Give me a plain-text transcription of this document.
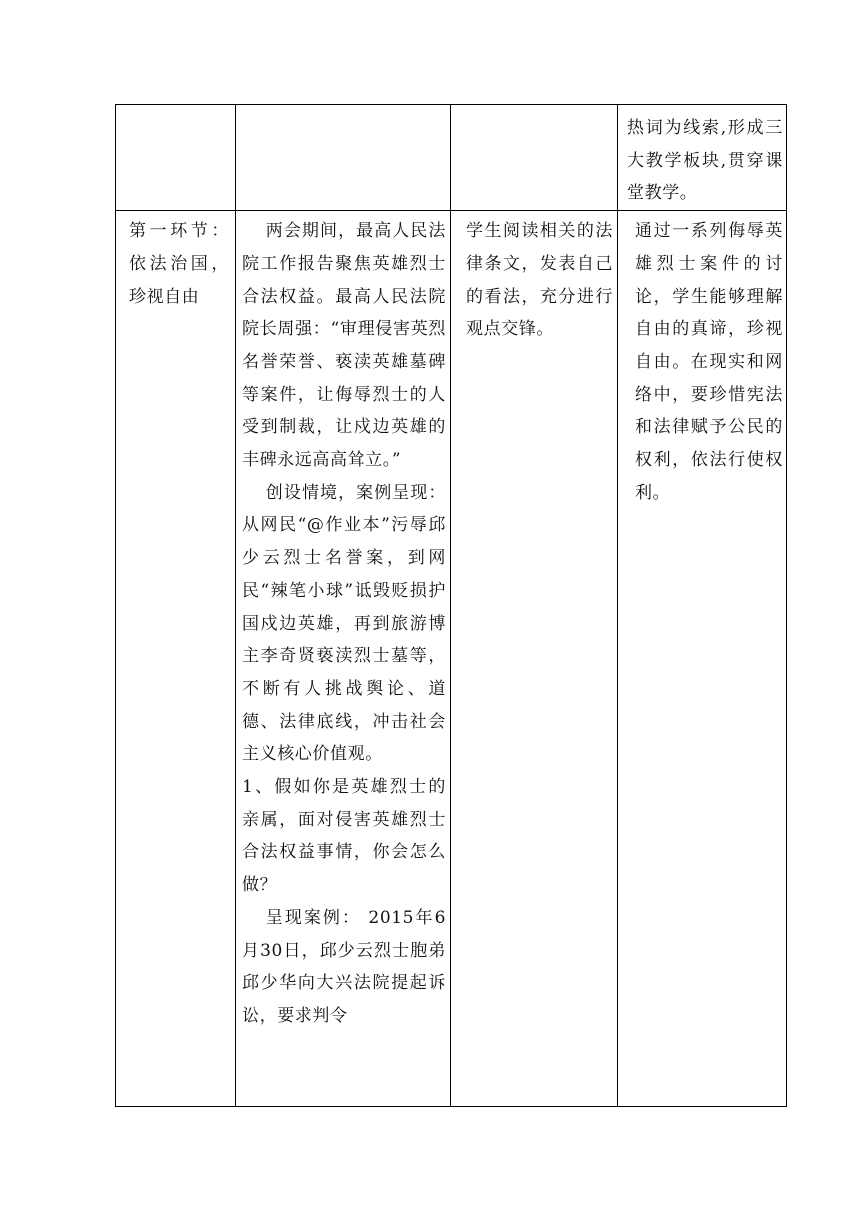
			热词为线索,形成三大教学板块,贯穿课堂教学。

第一环节：依法治国，珍视自由	两会期间，最高人民法院工作报告聚焦英雄烈士合法权益。最高人民法院院长周强：“审理侵害英烈名誉荣誉、亵渎英雄墓碑等案件，让侮辱烈士的人受到制裁，让戍边英雄的丰碑永远高高耸立。”

创设情境，案例呈现：从网民“@作业本”污辱邱少云烈士名誉案，到网民“辣笔小球”诋毁贬损护国戍边英雄，再到旅游博主李奇贤亵渎烈士墓等，不断有人挑战舆论、道德、法律底线，冲击社会主义核心价值观。

1、假如你是英雄烈士的亲属，面对侵害英雄烈士合法权益事情，你会怎么做？

呈现案例： 2015年6月30日，邱少云烈士胞弟邱少华向大兴法院提起诉讼，要求判令	学生阅读相关的法律条文，发表自己的看法，充分进行观点交锋。	通过一系列侮辱英雄烈士案件的讨论，学生能够理解自由的真谛，珍视自由。在现实和网络中，要珍惜宪法和法律赋予公民的权利，依法行使权利。
